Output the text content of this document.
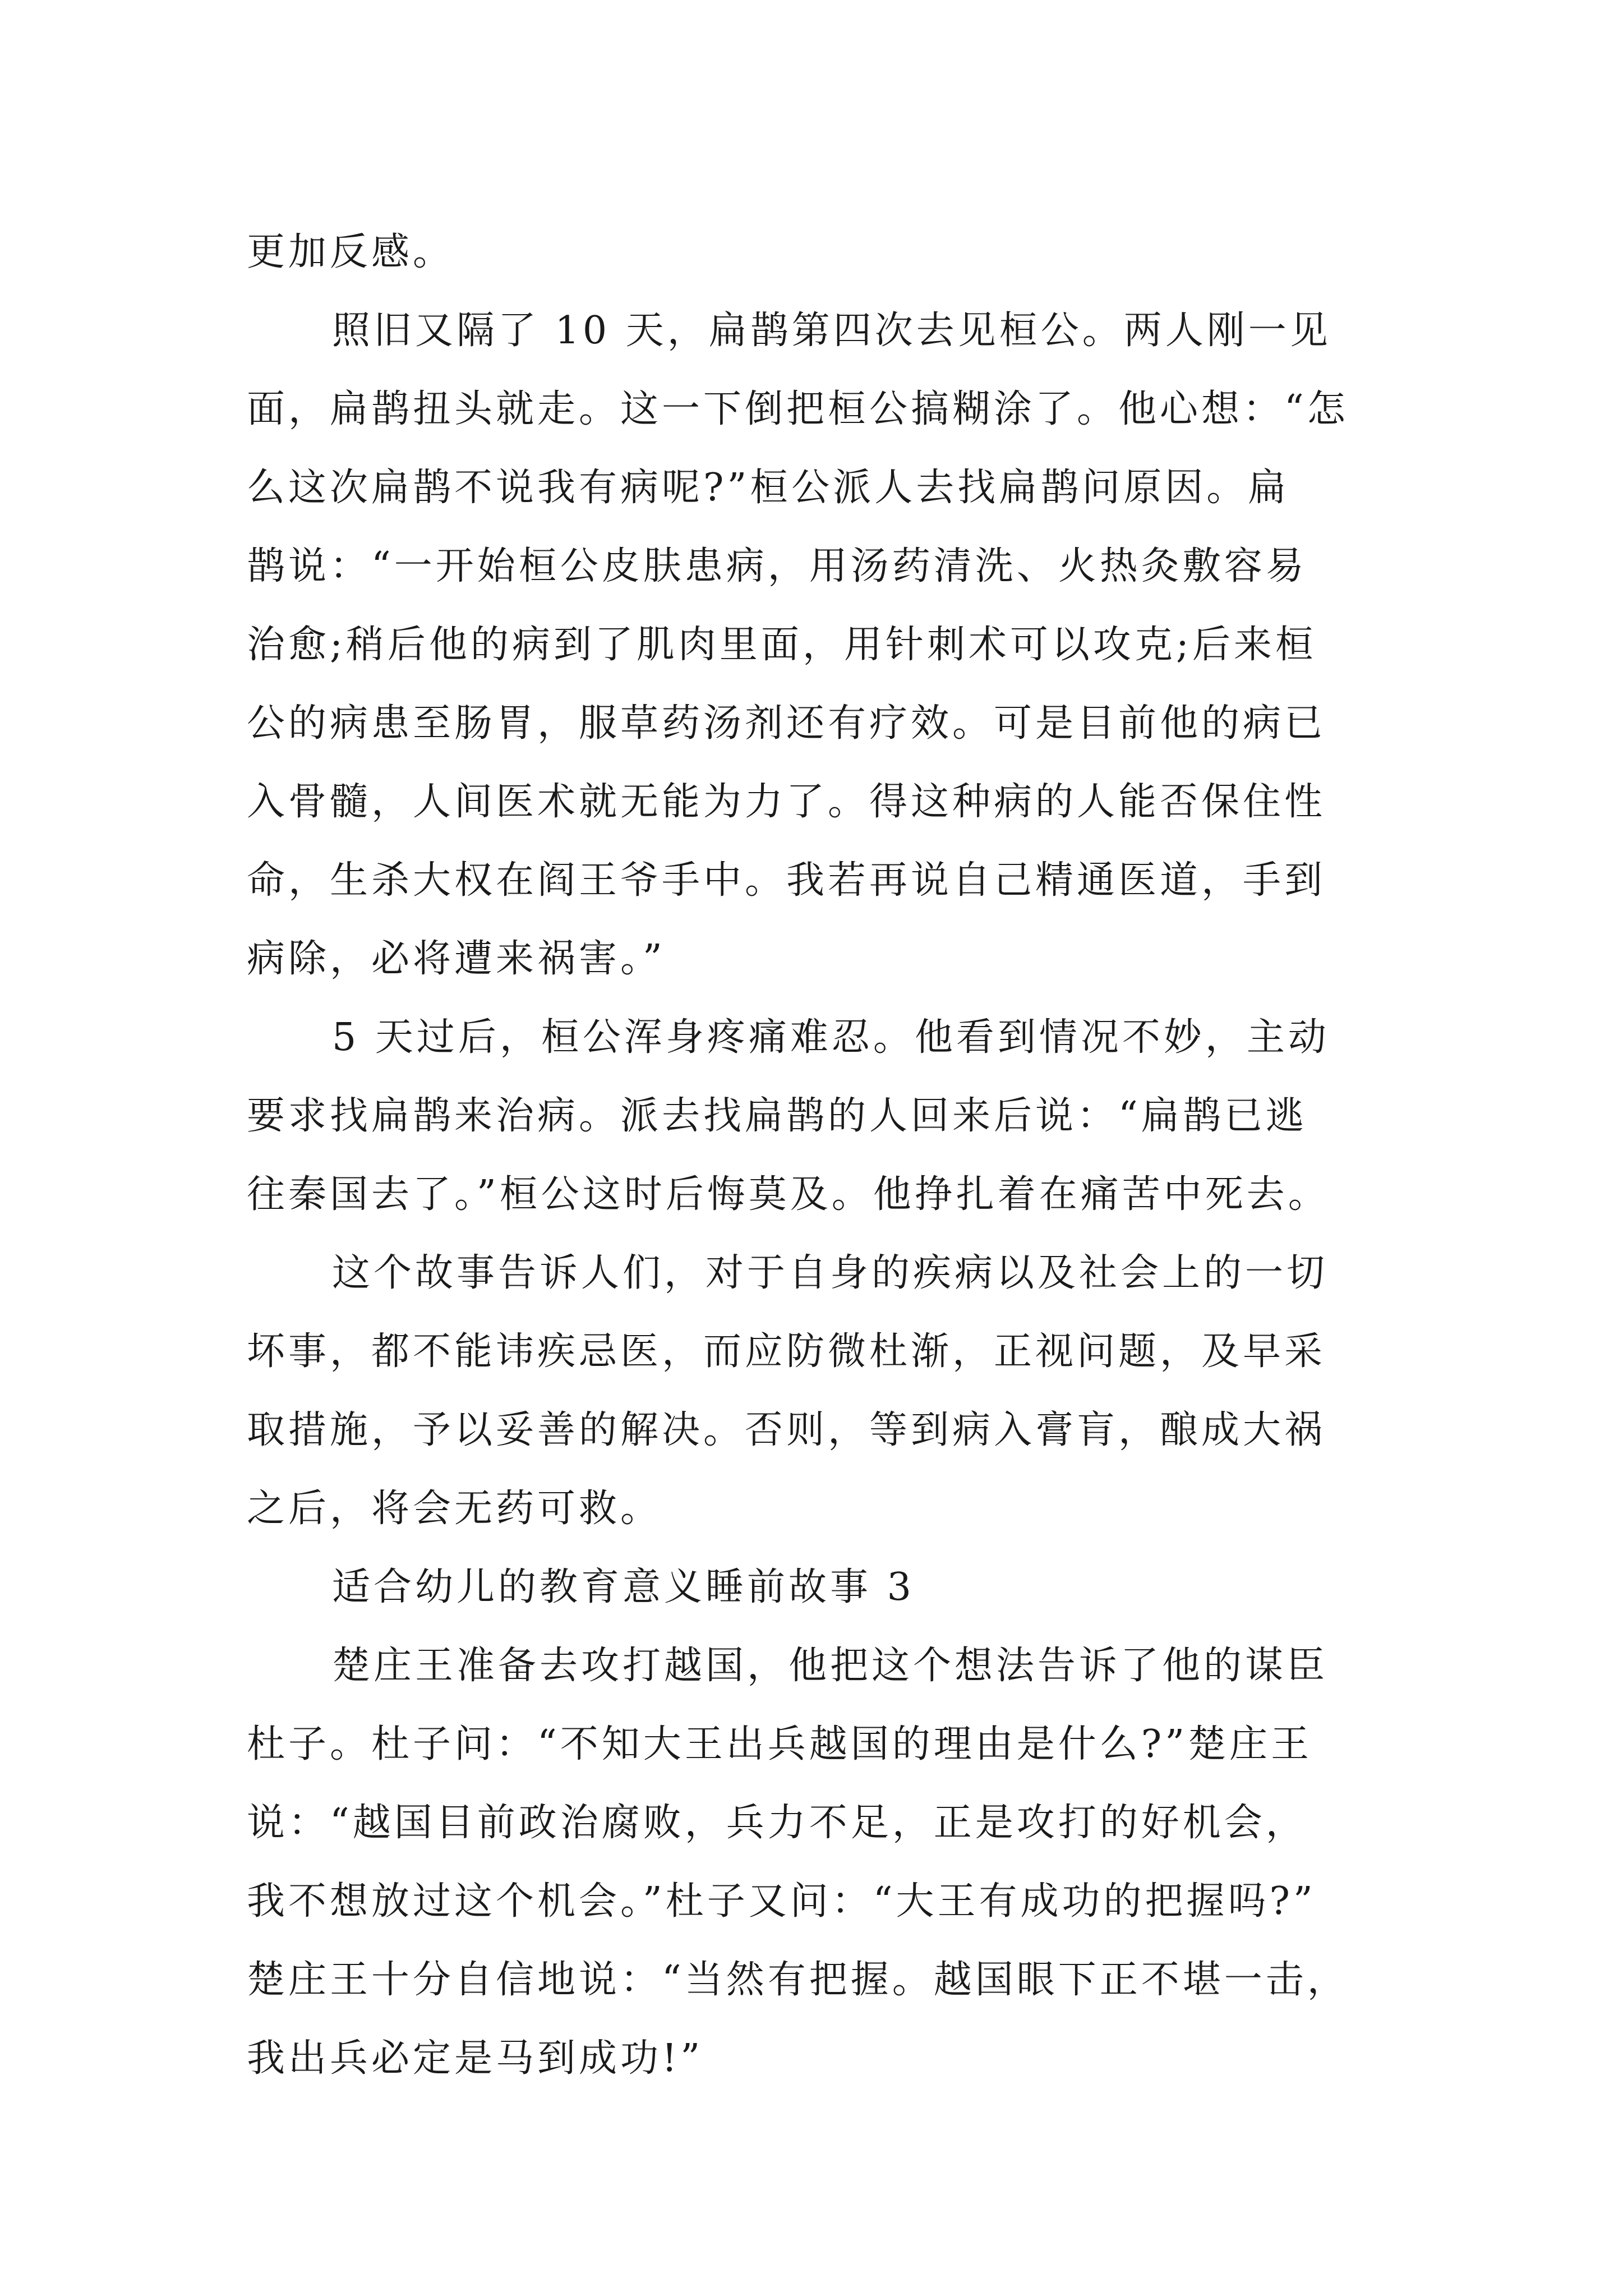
更加反感。
照旧又隔了 10 天，扁鹊第四次去见桓公。两人刚一见
面，扁鹊扭头就走。这一下倒把桓公搞糊涂了。他心想：“怎
么这次扁鹊不说我有病呢?”桓公派人去找扁鹊问原因。扁
鹊说：“一开始桓公皮肤患病，用汤药清洗、火热灸敷容易
治愈;稍后他的病到了肌肉里面，用针刺术可以攻克;后来桓
公的病患至肠胃，服草药汤剂还有疗效。可是目前他的病已
入骨髓，人间医术就无能为力了。得这种病的人能否保住性
命，生杀大权在阎王爷手中。我若再说自己精通医道，手到
病除，必将遭来祸害。”
5 天过后，桓公浑身疼痛难忍。他看到情况不妙，主动
要求找扁鹊来治病。派去找扁鹊的人回来后说：“扁鹊已逃
往秦国去了。”桓公这时后悔莫及。他挣扎着在痛苦中死去。
这个故事告诉人们，对于自身的疾病以及社会上的一切
坏事，都不能讳疾忌医，而应防微杜渐，正视问题，及早采
取措施，予以妥善的解决。否则，等到病入膏肓，酿成大祸
之后，将会无药可救。
适合幼儿的教育意义睡前故事 3
楚庄王准备去攻打越国，他把这个想法告诉了他的谋臣
杜子。杜子问：“不知大王出兵越国的理由是什么?”楚庄王
说：“越国目前政治腐败，兵力不足，正是攻打的好机会，
我不想放过这个机会。”杜子又问：“大王有成功的把握吗?”
楚庄王十分自信地说：“当然有把握。越国眼下正不堪一击，
我出兵必定是马到成功!”
